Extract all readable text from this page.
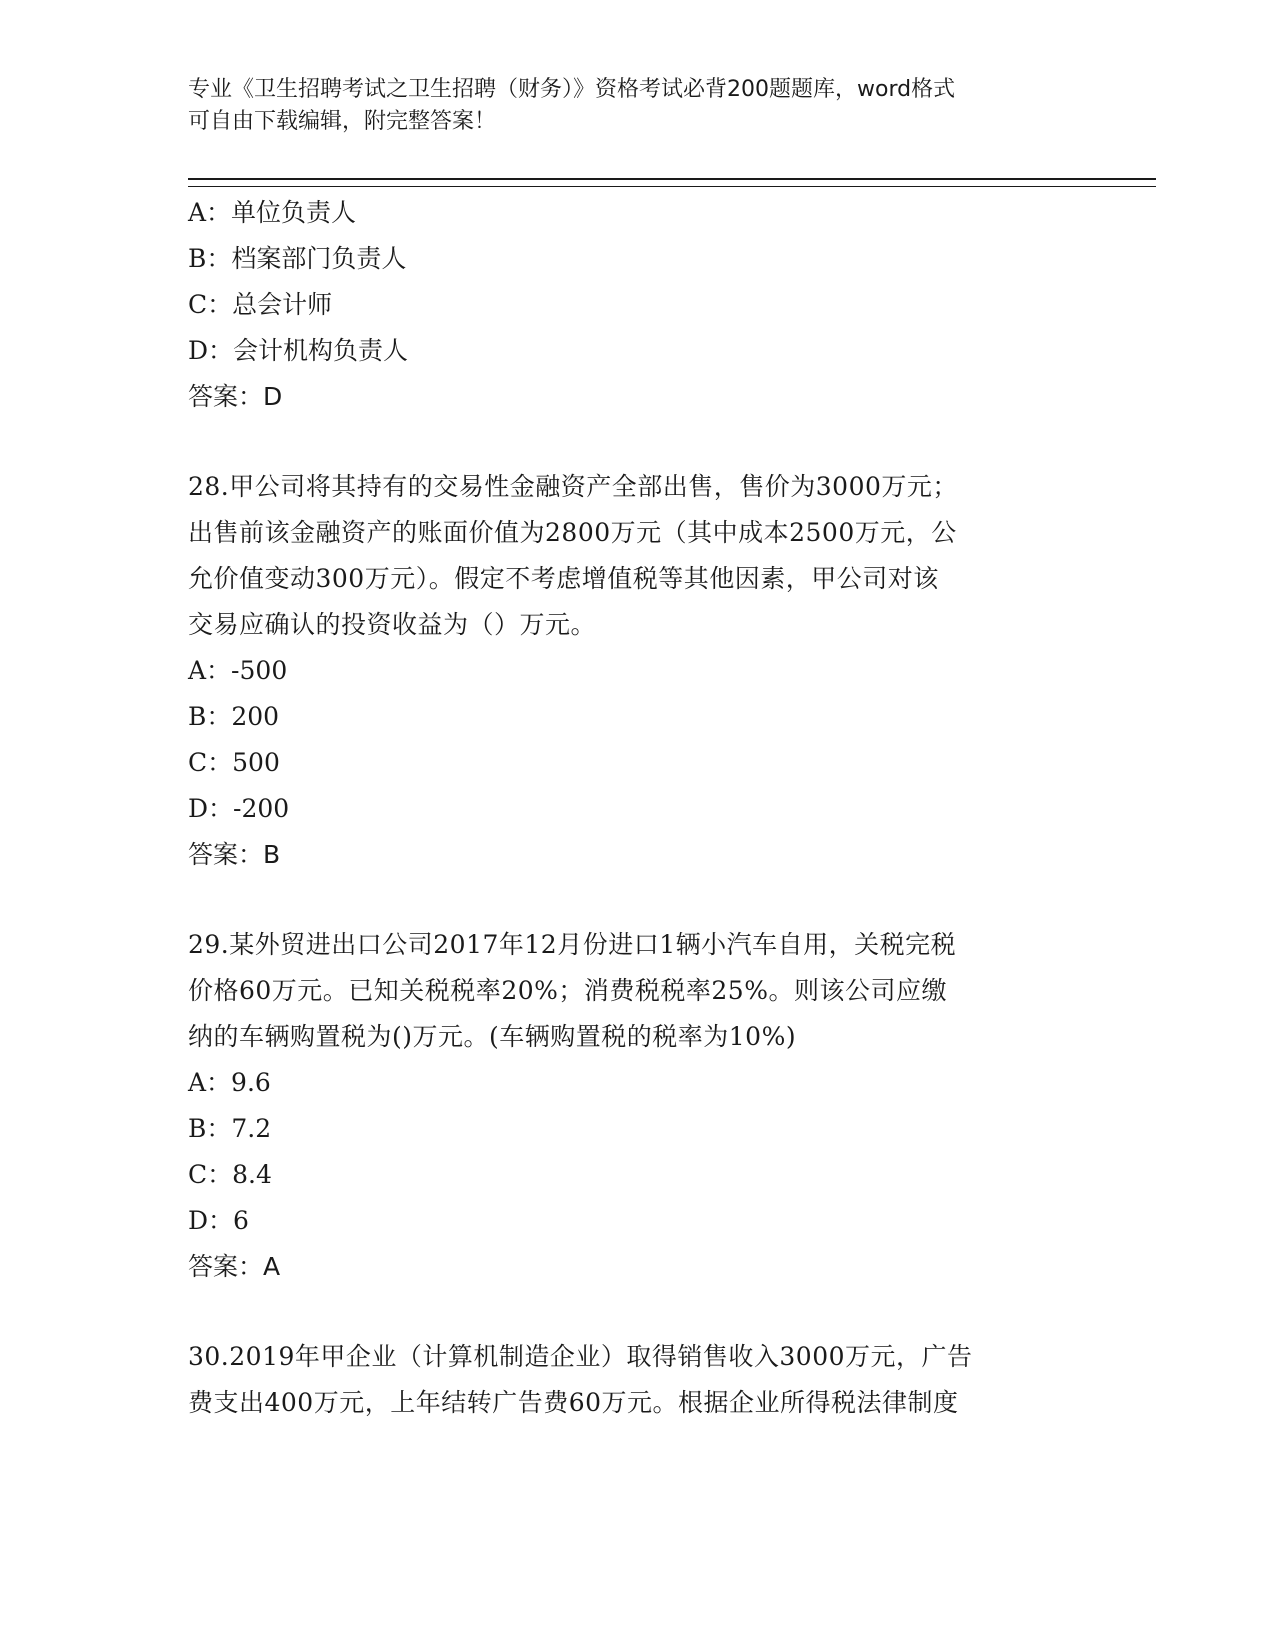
专业《卫生招聘考试之卫生招聘（财务）》资格考试必背200题题库，word格式
可自由下载编辑，附完整答案！
A：单位负责人
B：档案部门负责人
C：总会计师
D：会计机构负责人
答案：D
28.甲公司将其持有的交易性金融资产全部出售，售价为3000万元；
出售前该金融资产的账面价值为2800万元（其中成本2500万元，公
允价值变动300万元）。假定不考虑增值税等其他因素，甲公司对该
交易应确认的投资收益为（）万元。
A：-500
B：200
C：500
D：-200
答案：B
29.某外贸进出口公司2017年12月份进口1辆小汽车自用，关税完税
价格60万元。已知关税税率20%；消费税税率25%。则该公司应缴
纳的车辆购置税为()万元。(车辆购置税的税率为10%)
A：9.6
B：7.2
C：8.4
D：6
答案：A
30.2019年甲企业（计算机制造企业）取得销售收入3000万元，广告
费支出400万元，上年结转广告费60万元。根据企业所得税法律制度
